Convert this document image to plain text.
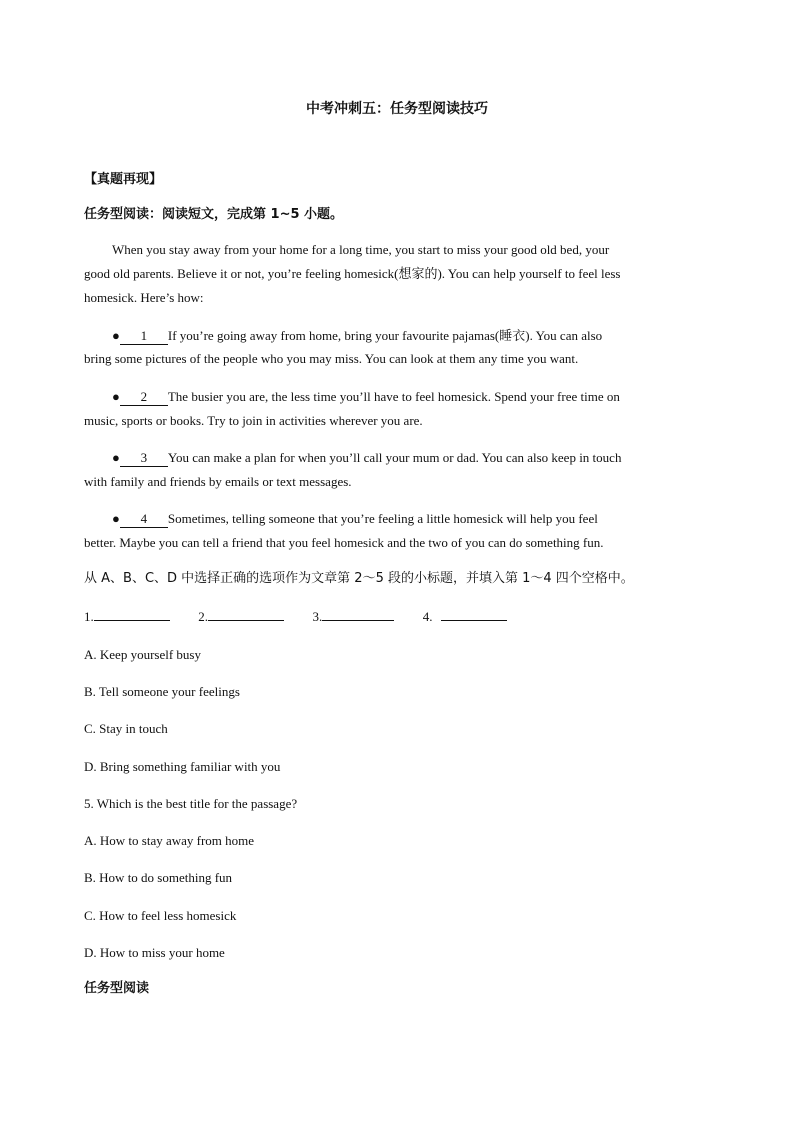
中考冲刺五：任务型阅读技巧
【真题再现】
任务型阅读：阅读短文，完成第 1~5 小题。
When you stay away from your home for a long time, you start to miss your good old bed, your
good old parents. Believe it or not, you’re feeling homesick(想家的). You can help yourself to feel less
homesick. Here’s how:
● 1 If you’re going away from home, bring your favourite pajamas(睡衣). You can also
bring some pictures of the people who you may miss. You can look at them any time you want.
● 2 The busier you are, the less time you’ll have to feel homesick. Spend your free time on
music, sports or books. Try to join in activities wherever you are.
● 3 You can make a plan for when you’ll call your mum or dad. You can also keep in touch
with family and friends by emails or text messages.
● 4 Sometimes, telling someone that you’re feeling a little homesick will help you feel
better. Maybe you can tell a friend that you feel homesick and the two of you can do something fun.
从 A、B、C、D 中选择正确的选项作为文章第 2～5 段的小标题，并填入第 1～4 四个空格中。
1.	2.	3.	4.
A. Keep yourself busy
B. Tell someone your feelings
C. Stay in touch
D. Bring something familiar with you
5. Which is the best title for the passage?
A. How to stay away from home
B. How to do something fun
C. How to feel less homesick
D. How to miss your home
任务型阅读
